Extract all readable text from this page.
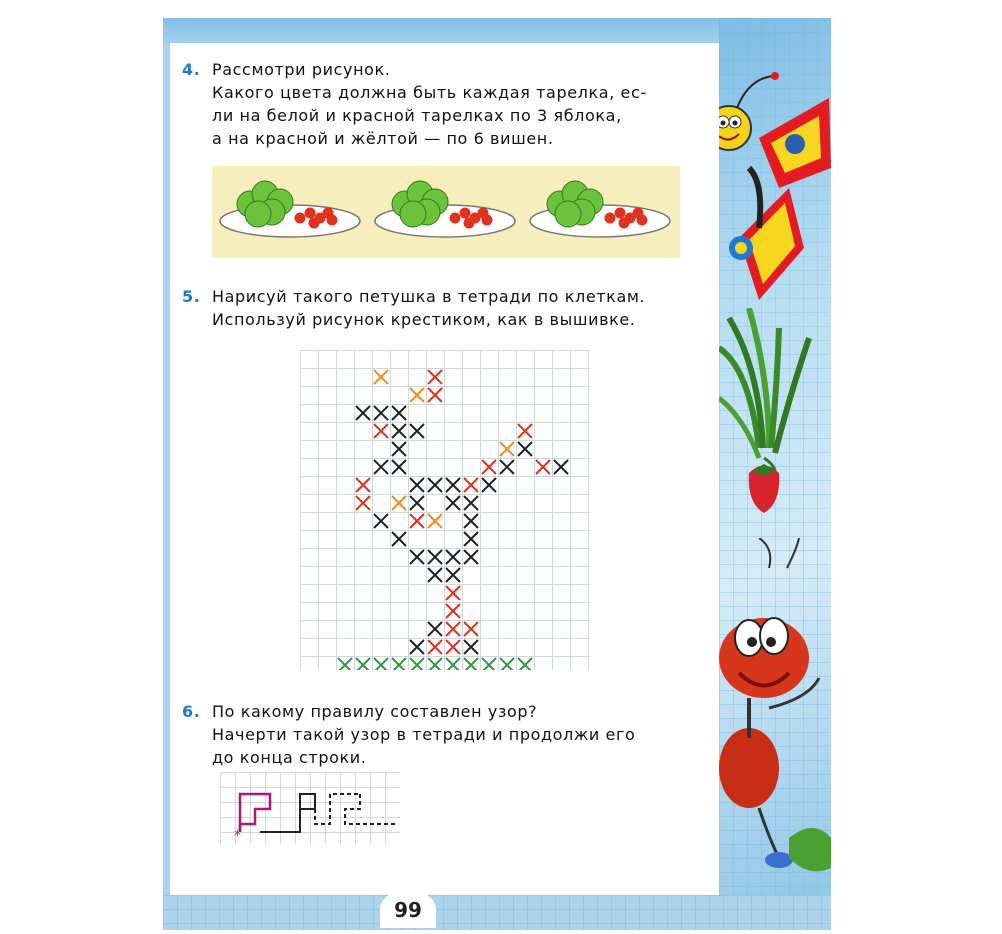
4. Рассмотри рисунок.
Какого цвета должна быть каждая тарелка, ес-
ли на белой и красной тарелках по 3 яблока,
а на красной и жёлтой — по 6 вишен.
5. Нарисуй такого петушка в тетради по клеткам.
Используй рисунок крестиком, как в вышивке.
6. По какому правилу составлен узор?
Начерти такой узор в тетради и продолжи его
до конца строки.
*
99
